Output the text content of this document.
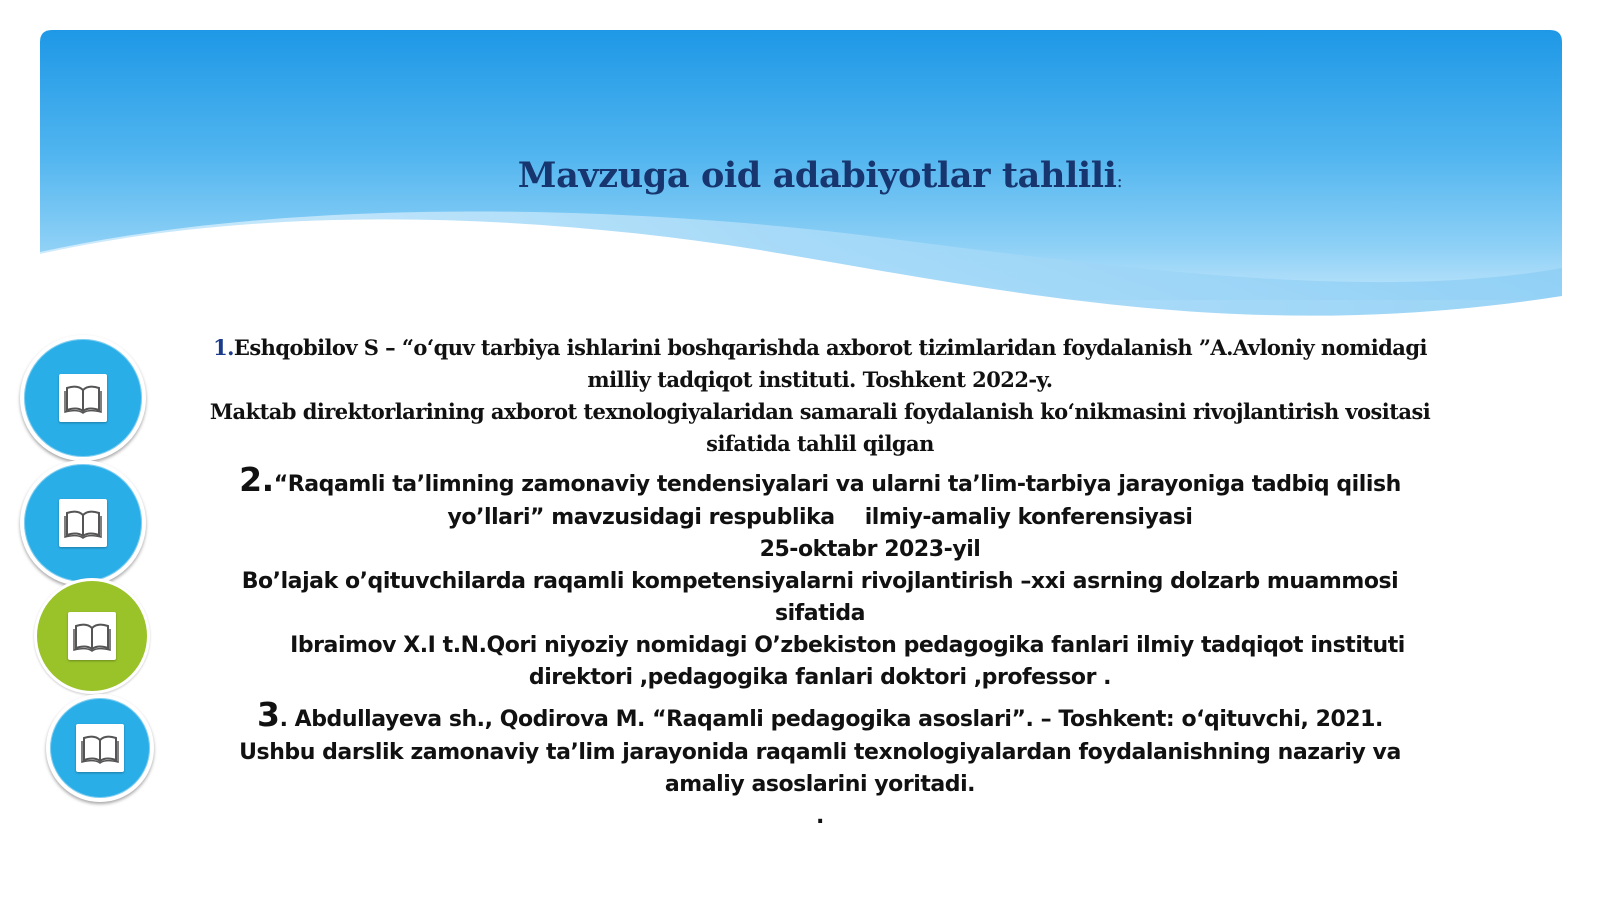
Mavzuga oid adabiyotlar tahlili:
1.Eshqobilov S – “o‘quv tarbiya ishlarini boshqarishda axborot tizimlaridan foydalanish ”A.Avloniy nomidagi
milliy tadqiqot instituti. Toshkent 2022-y.
Maktab direktorlarining axborot texnologiyalaridan samarali foydalanish ko‘nikmasini rivojlantirish vositasi
sifatida tahlil qilgan
2.“Raqamli ta’limning zamonaviy tendensiyalari va ularni ta’lim-tarbiya jarayoniga tadbiq qilish
yo’llari” mavzusidagi respublika ilmiy-amaliy konferensiyasi
25-oktabr 2023-yil
Bo’lajak o’qituvchilarda raqamli kompetensiyalarni rivojlantirish –xxi asrning dolzarb muammosi
sifatida
Ibraimov X.I t.N.Qori niyoziy nomidagi O’zbekiston pedagogika fanlari ilmiy tadqiqot instituti
direktori ,pedagogika fanlari doktori ,professor .
3. Abdullayeva sh., Qodirova M. “Raqamli pedagogika asoslari”. – Toshkent: o‘qituvchi, 2021.
Ushbu darslik zamonaviy ta’lim jarayonida raqamli texnologiyalardan foydalanishning nazariy va
amaliy asoslarini yoritadi.
.
